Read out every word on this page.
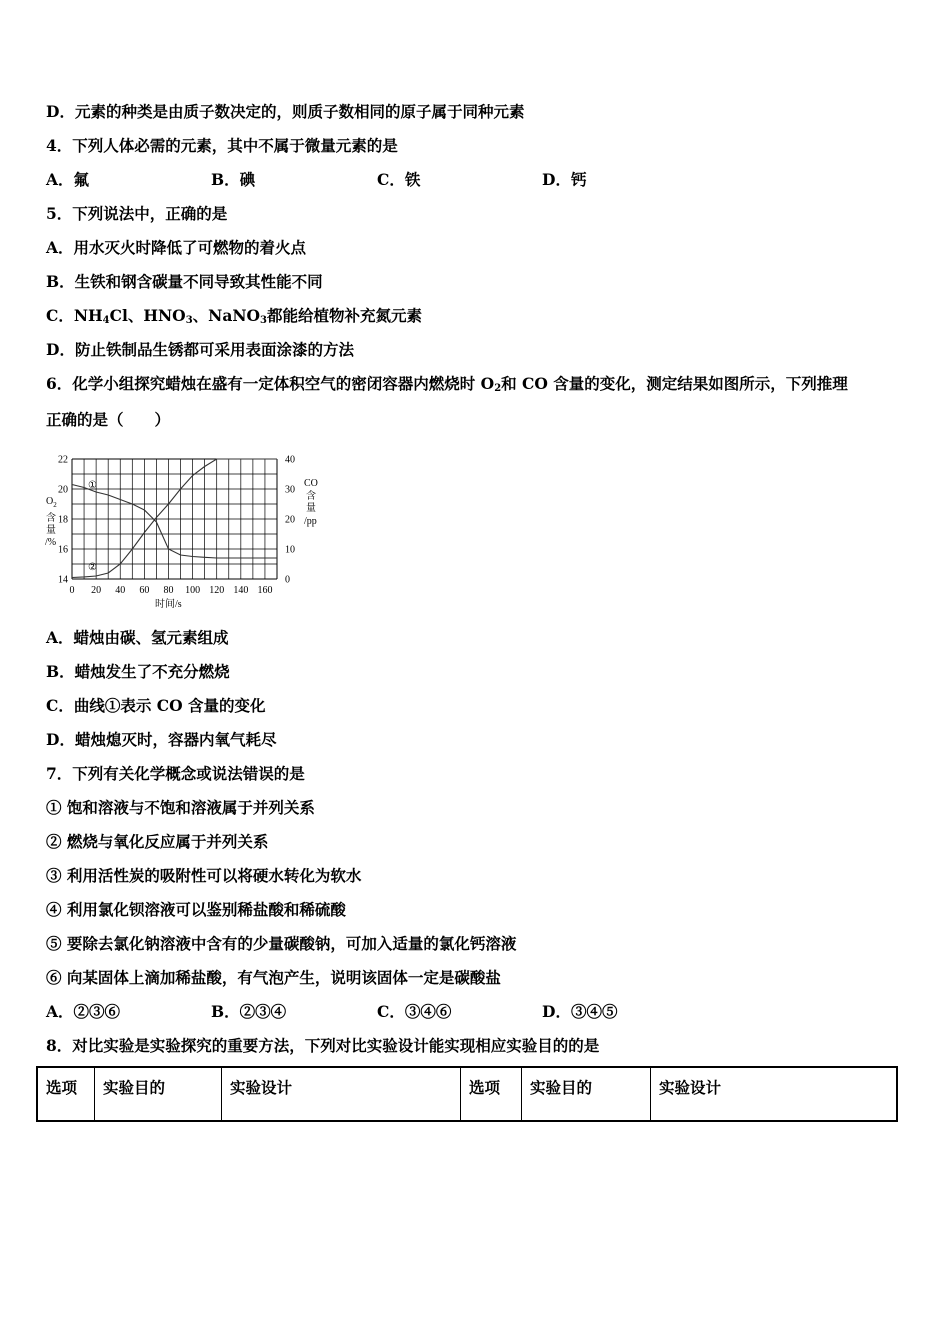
D．元素的种类是由质子数决定的，则质子数相同的原子属于同种元素
4．下列人体必需的元素，其中不属于微量元素的是
A．氟	B．碘	C．铁	D．钙
5．下列说法中，正确的是
A．用水灭火时降低了可燃物的着火点
B．生铁和钢含碳量不同导致其性能不同
C．$NH_4Cl$、$HNO_3$、NaNO$_3$都能给植物补充氮元素
D．防止铁制品生锈都可采用表面涂漆的方法
6．化学小组探究蜡烛在盛有一定体积空气的密闭容器内燃烧时 $O_2$和 CO 含量的变化，测定结果如图所示，下列推理
正确的是（　　）
22
20
18
16
14
40
30
20
10
0
0 20 40 60 80 100 120 140 160
$O_2$
含
量
/%
CO
含
量
/pp
时间/s
①
②
A．蜡烛由碳、氢元素组成
B．蜡烛发生了不充分燃烧
C．曲线①表示 CO 含量的变化
D．蜡烛熄灭时，容器内氧气耗尽
7．下列有关化学概念或说法错误的是
① 饱和溶液与不饱和溶液属于并列关系
② 燃烧与氧化反应属于并列关系
③ 利用活性炭的吸附性可以将硬水转化为软水
④ 利用氯化钡溶液可以鉴别稀盐酸和稀硫酸
⑤ 要除去氯化钠溶液中含有的少量碳酸钠，可加入适量的氯化钙溶液
⑥ 向某固体上滴加稀盐酸，有气泡产生，说明该固体一定是碳酸盐
A．②③⑥	B．②③④	C．③④⑥	D．③④⑤
8．对比实验是实验探究的重要方法，下列对比实验设计能实现相应实验目的的是
选项	实验目的	实验设计	选项	实验目的	实验设计
